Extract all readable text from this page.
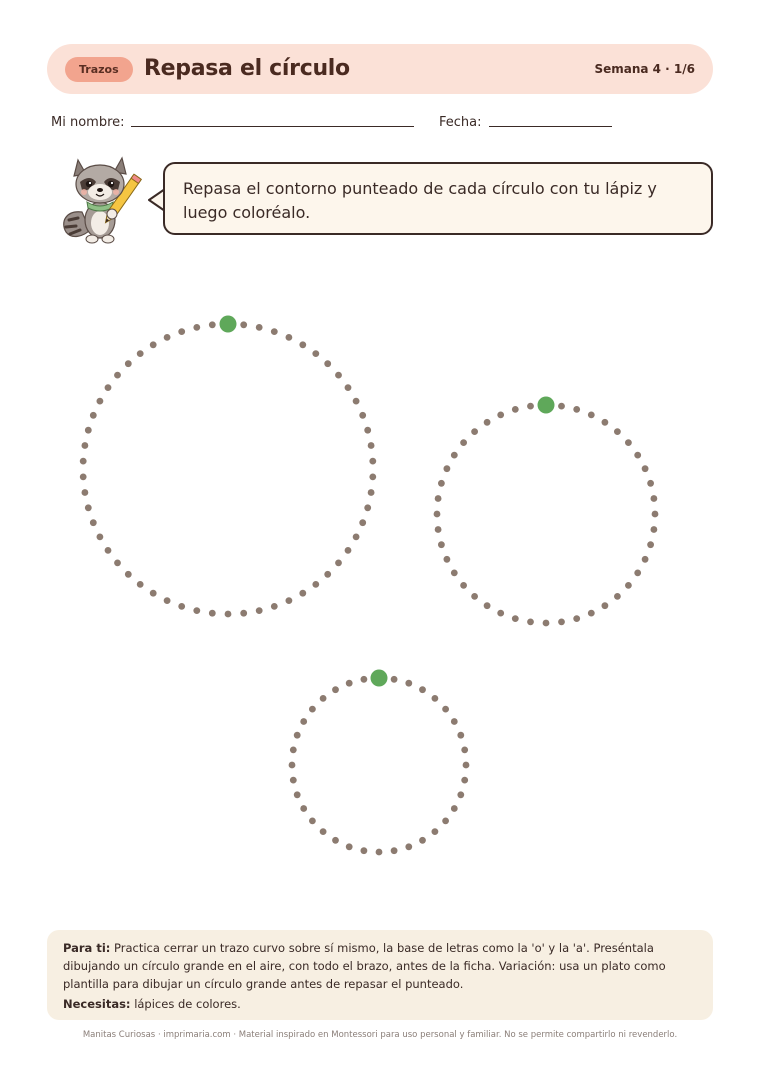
Trazos	Repasa el círculo	Semana 4 · 1/6
Mi nombre:	Fecha:
Repasa el contorno punteado de cada círculo con tu lápiz y luego coloréalo.

Para ti: Practica cerrar un trazo curvo sobre sí mismo, la base de letras como la 'o' y la 'a'. Preséntala dibujando un círculo grande en el aire, con todo el brazo, antes de la ficha. Variación: usa un plato como plantilla para dibujar un círculo grande antes de repasar el punteado.

Necesitas: lápices de colores.

Manitas Curiosas · imprimaria.com · Material inspirado en Montessori para uso personal y familiar. No se permite compartirlo ni revenderlo.
